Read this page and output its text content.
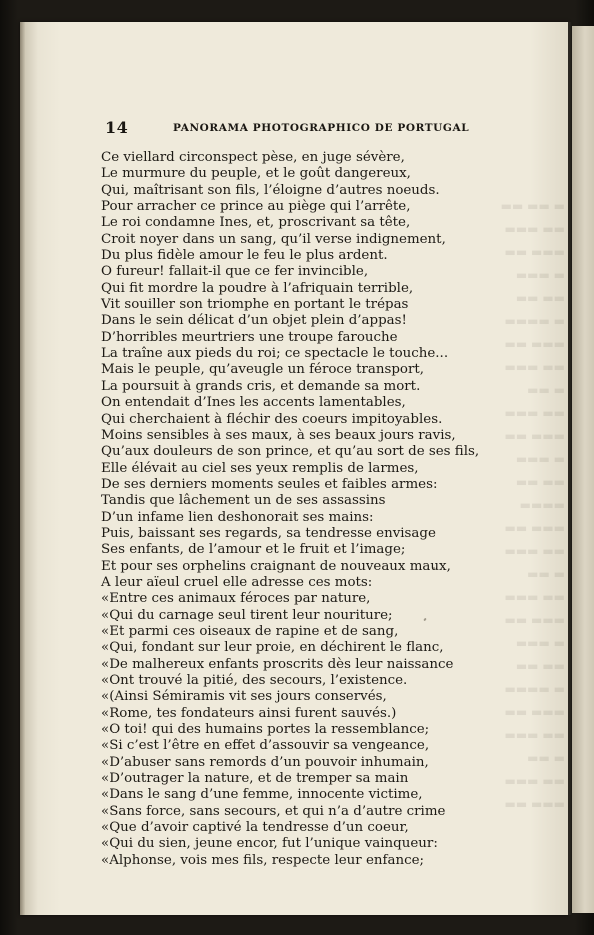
▬▬ ▬▬ ▬
▬▬▬ ▬▬
▬▬ ▬▬▬
▬▬▬ ▬
▬▬ ▬▬
▬▬▬▬ ▬
▬▬ ▬▬▬
▬▬▬ ▬▬
▬▬ ▬
▬▬▬ ▬▬
▬▬ ▬▬▬
▬▬▬ ▬
▬▬ ▬▬
▬▬▬▬
▬▬ ▬▬▬
▬▬▬ ▬▬
▬▬ ▬
▬▬▬ ▬▬
▬▬ ▬▬▬
▬▬▬ ▬
▬▬ ▬▬
▬▬▬▬ ▬
▬▬ ▬▬▬
▬▬▬ ▬▬
▬▬ ▬
▬▬▬ ▬▬
▬▬ ▬▬▬
14	PANORAMA PHOTOGRAPHICO DE PORTUGAL
Ce viellard circonspect pèse, en juge sévère,
Le murmure du peuple, et le goût dangereux,
Qui, maîtrisant son fils, l’éloigne d’autres noeuds.
Pour arracher ce prince au piège qui l’arrête,
Le roi condamne Ines, et, proscrivant sa tête,
Croit noyer dans un sang, qu’il verse indignement,
Du plus fidèle amour le feu le plus ardent.
O fureur! fallait-il que ce fer invincible,
Qui fit mordre la poudre à l’afriquain terrible,
Vit souiller son triomphe en portant le trépas
Dans le sein délicat d’un objet plein d’appas!
D’horribles meurtriers une troupe farouche
La traîne aux pieds du roi; ce spectacle le touche...
Mais le peuple, qu’aveugle un féroce transport,
La poursuit à grands cris, et demande sa mort.
On entendait d’Ines les accents lamentables,
Qui cherchaient à fléchir des coeurs impitoyables.
Moins sensibles à ses maux, à ses beaux jours ravis,
Qu’aux douleurs de son prince, et qu’au sort de ses fils,
Elle élévait au ciel ses yeux remplis de larmes,
De ses derniers moments seules et faibles armes:
Tandis que lâchement un de ses assassins
D’un infame lien deshonorait ses mains:
Puis, baissant ses regards, sa tendresse envisage
Ses enfants, de l’amour et le fruit et l’image;
Et pour ses orphelins craignant de nouveaux maux,
A leur aïeul cruel elle adresse ces mots:
«Entre ces animaux féroces par nature,
«Qui du carnage seul tirent leur nouriture;
«Et parmi ces oiseaux de rapine et de sang,
«Qui, fondant sur leur proie, en déchirent le flanc,
«De malhereux enfants proscrits dès leur naissance
«Ont trouvé la pitié, des secours, l’existence.
«(Ainsi Sémiramis vit ses jours conservés,
«Rome, tes fondateurs ainsi furent sauvés.)
«O toi! qui des humains portes la ressemblance;
«Si c’est l’être en effet d’assouvir sa vengeance,
«D’abuser sans remords d’un pouvoir inhumain,
«D’outrager la nature, et de tremper sa main
«Dans le sang d’une femme, innocente victime,
«Sans force, sans secours, et qui n’a d’autre crime
«Que d’avoir captivé la tendresse d’un coeur,
«Qui du sien, jeune encor, fut l’unique vainqueur:
«Alphonse, vois mes fils, respecte leur enfance;
